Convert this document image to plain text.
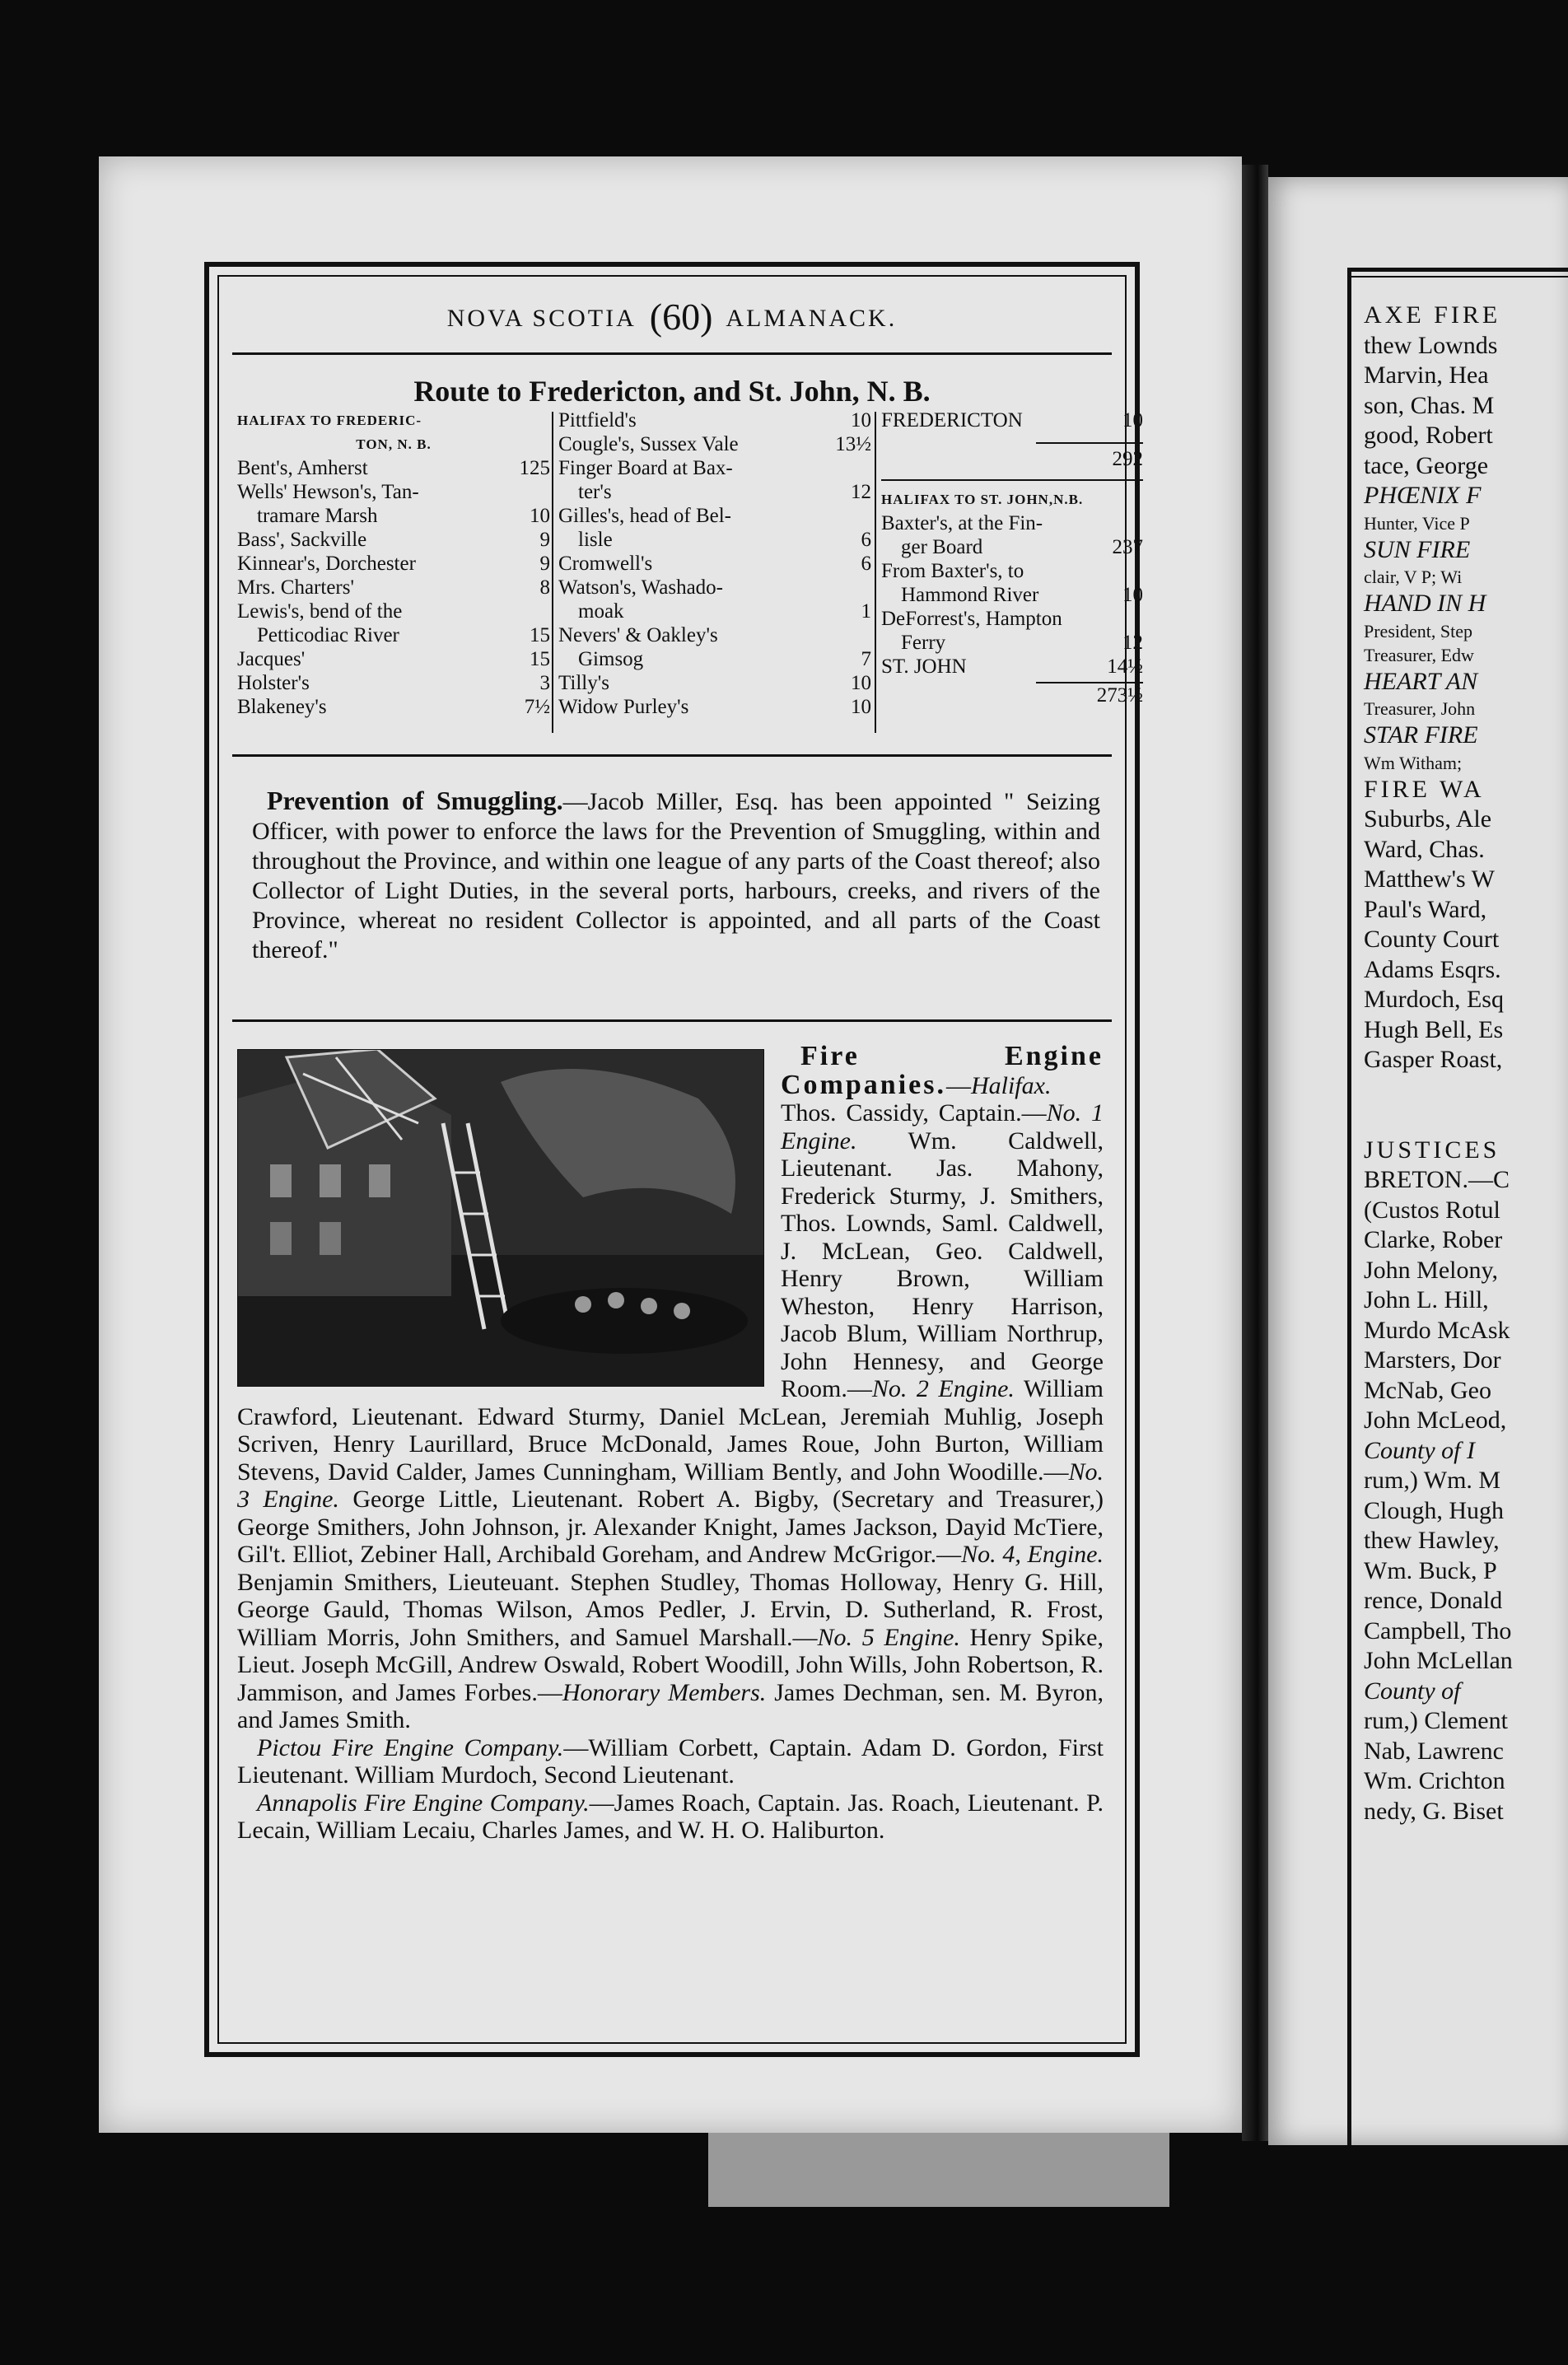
NOVA SCOTIA (60) ALMANACK.
Route to Fredericton, and St. John, N. B.
HALIFAX TO FREDERIC-
TON, N. B.
Bent's, Amherst	125
Wells' Hewson's, Tan-
tramare Marsh	10
Bass', Sackville	9
Kinnear's, Dorchester	9
Mrs. Charters'	8
Lewis's, bend of the
Petticodiac River	15
Jacques'	15
Holster's	3
Blakeney's	7½
Pittfield's	10
Cougle's, Sussex Vale	13½
Finger Board at Bax-
ter's	12
Gilles's, head of Bel-
lisle	6
Cromwell's	6
Watson's, Washado-
moak	1
Nevers' & Oakley's
Gimsog	7
Tilly's	10
Widow Purley's	10
FREDERICTON	10
292
HALIFAX TO ST. JOHN,N.B.
Baxter's, at the Fin-
ger Board	237
From Baxter's, to
Hammond River	10
DeForrest's, Hampton
Ferry	12
ST. JOHN	14½
273½
Prevention of Smuggling.—Jacob Miller, Esq. has been appointed " Seizing Officer, with power to enforce the laws for the Prevention of Smuggling, within and throughout the Province, and within one league of any parts of the Coast thereof; also Collector of Light Duties, in the several ports, harbours, creeks, and rivers of the Province, whereat no resident Collector is appointed, and all parts of the Coast thereof."

Fire Engine Companies.—Halifax. Thos. Cassidy, Captain.—No. 1 Engine. Wm. Caldwell, Lieutenant. Jas. Mahony, Frederick Sturmy, J. Smithers, Thos. Lownds, Saml. Caldwell, J. McLean, Geo. Caldwell, Henry Brown, William Wheston, Henry Harrison, Jacob Blum, William Northrup, John Hennesy, and George Room.—No. 2 Engine. William Crawford, Lieutenant. Edward Sturmy, Daniel McLean, Jeremiah Muhlig, Joseph Scriven, Henry Laurillard, Bruce McDonald, James Roue, John Burton, William Stevens, David Calder, James Cunningham, William Bently, and John Woodille.—No. 3 Engine. George Little, Lieutenant. Robert A. Bigby, (Secretary and Treasurer,) George Smithers, John Johnson, jr. Alexander Knight, James Jackson, Dayid McTiere, Gil't. Elliot, Zebiner Hall, Archibald Goreham, and Andrew McGrigor.—No. 4, Engine. Benjamin Smithers, Lieuteuant. Stephen Studley, Thomas Holloway, Henry G. Hill, George Gauld, Thomas Wilson, Amos Pedler, J. Ervin, D. Sutherland, R. Frost, William Morris, John Smithers, and Samuel Marshall.—No. 5 Engine. Henry Spike, Lieut. Joseph McGill, Andrew Oswald, Robert Woodill, John Wills, John Robertson, R. Jammison, and James Forbes.—Honorary Members. James Dechman, sen. M. Byron, and James Smith.

Pictou Fire Engine Company.—William Corbett, Captain. Adam D. Gordon, First Lieutenant. William Murdoch, Second Lieutenant.

Annapolis Fire Engine Company.—James Roach, Captain. Jas. Roach, Lieutenant. P. Lecain, William Lecaiu, Charles James, and W. H. O. Haliburton.

AXE FIRE
thew Lownds
Marvin, Hea
son, Chas. M
good, Robert
tace, George
PHŒNIX F
Hunter, Vice P
SUN FIRE
clair, V P; Wi
HAND IN H
President, Step
Treasurer, Edw
HEART AN
Treasurer, John
STAR FIRE
Wm Witham;
FIRE WA
Suburbs, Ale
Ward, Chas.
Matthew's W
Paul's Ward,
County Court
Adams Esqrs.
Murdoch, Esq
Hugh Bell, Es
Gasper Roast,

JUSTICES
BRETON.—C
(Custos Rotul
Clarke, Rober
John Melony,
John L. Hill,
Murdo McAsk
Marsters, Dor
McNab, Geo
John McLeod,
County of I
rum,) Wm. M
Clough, Hugh
thew Hawley,
Wm. Buck, P
rence, Donald
Campbell, Tho
John McLellan
County of
rum,) Clement
Nab, Lawrenc
Wm. Crichton
nedy, G. Biset
